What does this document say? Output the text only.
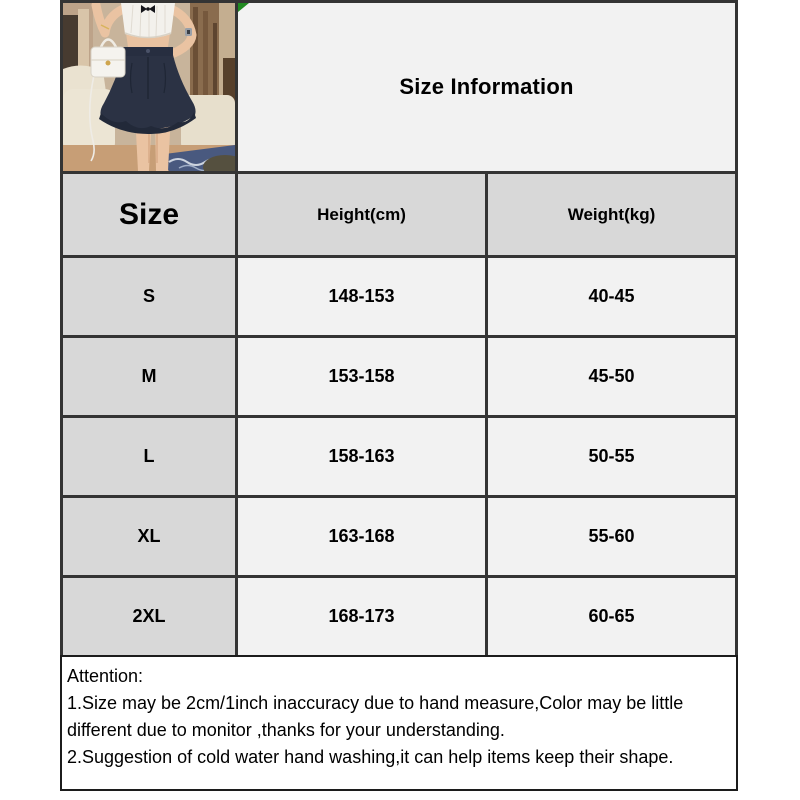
Size Information	
Size	Height(cm)	Weight(kg)
S	148-153	40-45
M	153-158	45-50
L	158-163	50-55
XL	163-168	55-60
2XL	168-173	60-65
Attention:
1.Size may be 2cm/1inch inaccuracy due to hand measure,Color may be little
different due to monitor ,thanks for your understanding.
2.Suggestion of cold water hand washing,it can help items keep their shape.
